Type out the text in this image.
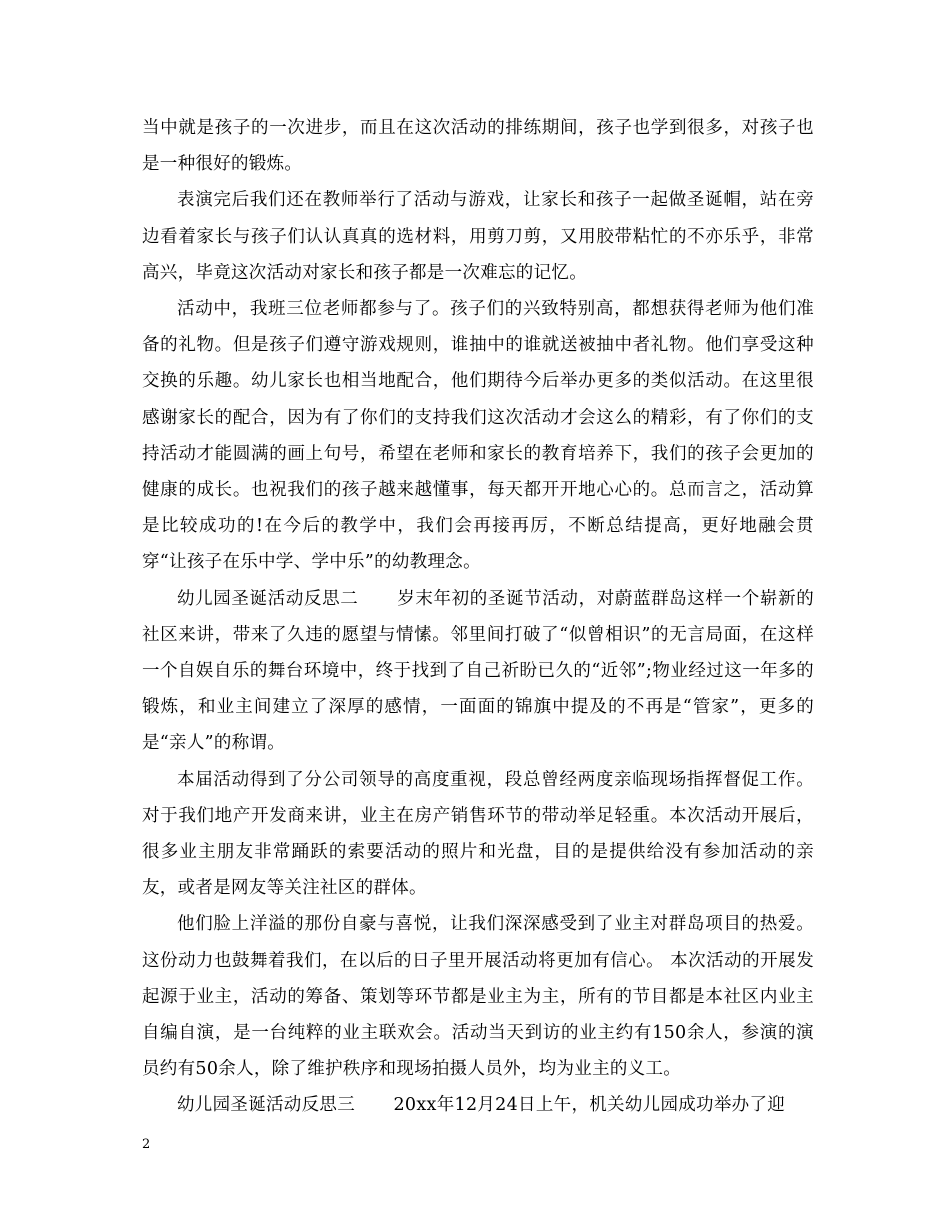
当中就是孩子的一次进步，而且在这次活动的排练期间，孩子也学到很多，对孩子也是一种很好的锻炼。

表演完后我们还在教师举行了活动与游戏，让家长和孩子一起做圣诞帽，站在旁边看着家长与孩子们认认真真的选材料，用剪刀剪，又用胶带粘忙的不亦乐乎，非常高兴，毕竟这次活动对家长和孩子都是一次难忘的记忆。

活动中，我班三位老师都参与了。孩子们的兴致特别高，都想获得老师为他们准备的礼物。但是孩子们遵守游戏规则，谁抽中的谁就送被抽中者礼物。他们享受这种交换的乐趣。幼儿家长也相当地配合，他们期待今后举办更多的类似活动。在这里很感谢家长的配合，因为有了你们的支持我们这次活动才会这么的精彩，有了你们的支持活动才能圆满的画上句号，希望在老师和家长的教育培养下，我们的孩子会更加的健康的成长。也祝我们的孩子越来越懂事，每天都开开地心心的。总而言之，活动算是比较成功的!在今后的教学中，我们会再接再厉，不断总结提高，更好地融会贯穿“让孩子在乐中学、学中乐”的幼教理念。

幼儿园圣诞活动反思二 岁末年初的圣诞节活动，对蔚蓝群岛这样一个崭新的社区来讲，带来了久违的愿望与情愫。邻里间打破了“似曾相识”的无言局面，在这样一个自娱自乐的舞台环境中，终于找到了自己祈盼已久的“近邻”;物业经过这一年多的锻炼，和业主间建立了深厚的感情，一面面的锦旗中提及的不再是“管家”，更多的是“亲人”的称谓。

本届活动得到了分公司领导的高度重视，段总曾经两度亲临现场指挥督促工作。对于我们地产开发商来讲，业主在房产销售环节的带动举足轻重。本次活动开展后，很多业主朋友非常踊跃的索要活动的照片和光盘，目的是提供给没有参加活动的亲友，或者是网友等关注社区的群体。

他们脸上洋溢的那份自豪与喜悦，让我们深深感受到了业主对群岛项目的热爱。这份动力也鼓舞着我们，在以后的日子里开展活动将更加有信心。 本次活动的开展发起源于业主，活动的筹备、策划等环节都是业主为主，所有的节目都是本社区内业主自编自演，是一台纯粹的业主联欢会。活动当天到访的业主约有150余人，参演的演员约有50余人，除了维护秩序和现场拍摄人员外，均为业主的义工。

幼儿园圣诞活动反思三 20xx年12月24日上午，机关幼儿园成功举办了迎

2
